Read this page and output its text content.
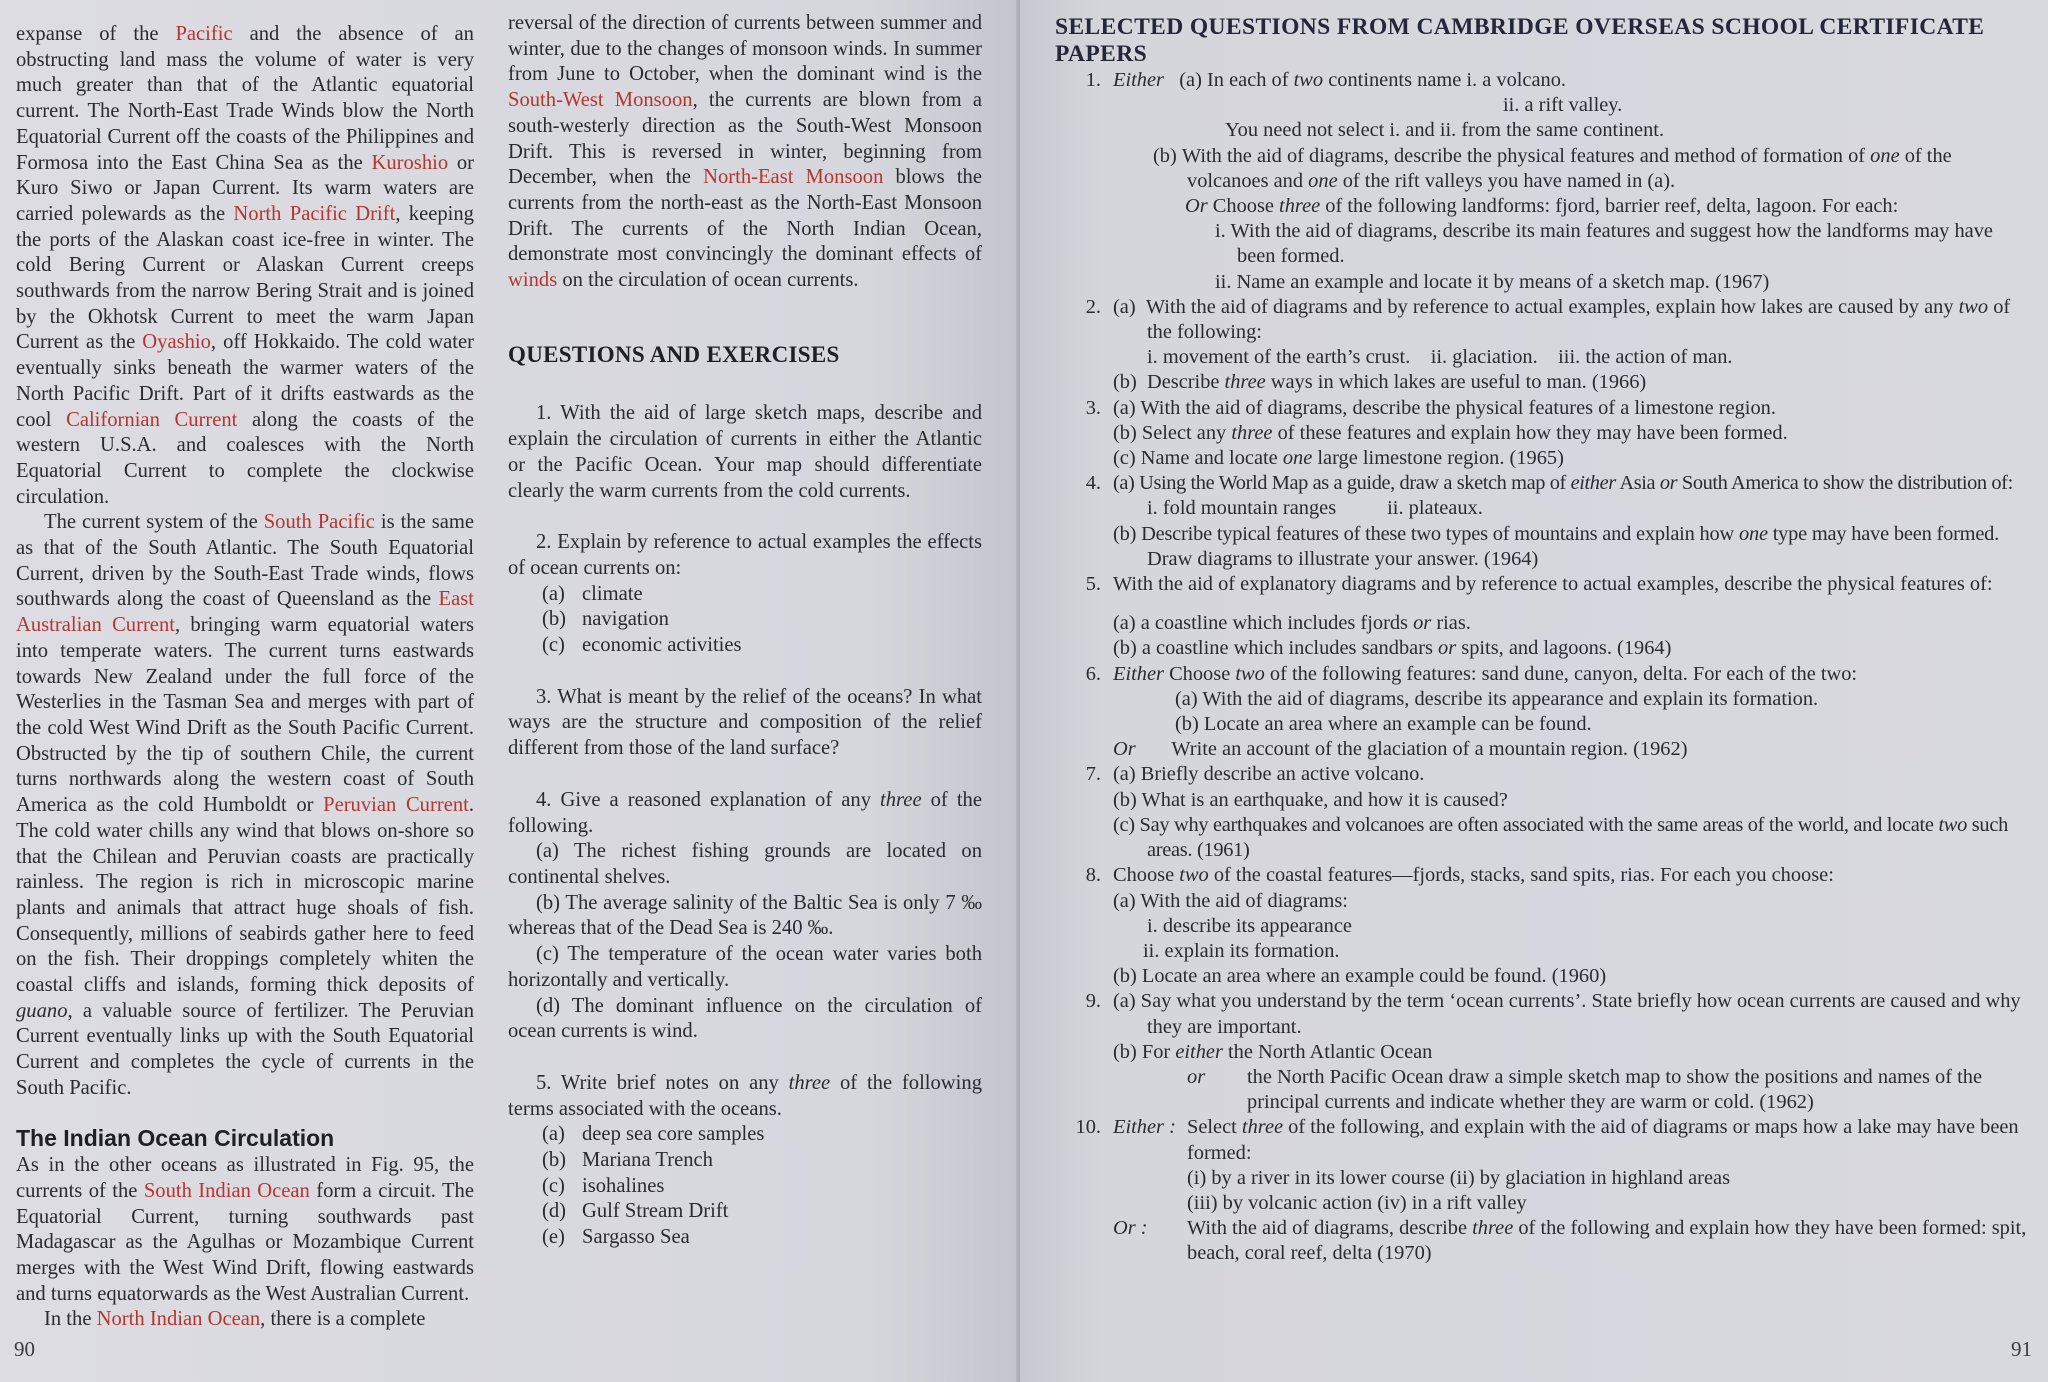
expanse of the Pacific and the absence of an obstructing land mass the volume of water is very much greater than that of the Atlantic equatorial current. The North-East Trade Winds blow the North Equatorial Current off the coasts of the Philippines and Formosa into the East China Sea as the Kuroshio or Kuro Siwo or Japan Current. Its warm waters are carried polewards as the North Pacific Drift, keeping the ports of the Alaskan coast ice-free in winter. The cold Bering Current or Alaskan Current creeps southwards from the narrow Bering Strait and is joined by the Okhotsk Current to meet the warm Japan Current as the Oyashio, off Hokkaido. The cold water eventually sinks beneath the warmer waters of the North Pacific Drift. Part of it drifts eastwards as the cool Californian Current along the coasts of the western U.S.A. and coalesces with the North Equatorial Current to complete the clockwise circulation.

The current system of the South Pacific is the same as that of the South Atlantic. The South Equatorial Current, driven by the South-East Trade winds, flows southwards along the coast of Queensland as the East Australian Current, bringing warm equatorial waters into temperate waters. The current turns eastwards towards New Zealand under the full force of the Westerlies in the Tasman Sea and merges with part of the cold West Wind Drift as the South Pacific Current. Obstructed by the tip of southern Chile, the current turns northwards along the western coast of South America as the cold Humboldt or Peruvian Current. The cold water chills any wind that blows on-shore so that the Chilean and Peruvian coasts are practically rainless. The region is rich in microscopic marine plants and animals that attract huge shoals of fish. Consequently, millions of seabirds gather here to feed on the fish. Their droppings completely whiten the coastal cliffs and islands, forming thick deposits of guano, a valuable source of fertilizer. The Peruvian Current eventually links up with the South Equatorial Current and completes the cycle of currents in the South Pacific.

The Indian Ocean Circulation

As in the other oceans as illustrated in Fig. 95, the currents of the South Indian Ocean form a circuit. The Equatorial Current, turning southwards past Madagascar as the Agulhas or Mozambique Current merges with the West Wind Drift, flowing eastwards and turns equatorwards as the West Australian Current.

In the North Indian Ocean, there is a complete

reversal of the direction of currents between summer and winter, due to the changes of monsoon winds. In summer from June to October, when the dominant wind is the South-West Monsoon, the currents are blown from a south-westerly direction as the South-West Monsoon Drift. This is reversed in winter, beginning from December, when the North-East Monsoon blows the currents from the north-east as the North-East Monsoon Drift. The currents of the North Indian Ocean, demonstrate most convincingly the dominant effects of winds on the circulation of ocean currents.

QUESTIONS AND EXERCISES

1. With the aid of large sketch maps, describe and explain the circulation of currents in either the Atlantic or the Pacific Ocean. Your map should differentiate clearly the warm currents from the cold currents.

2. Explain by reference to actual examples the effects of ocean currents on:

(a) climate
(b) navigation
(c) economic activities

3. What is meant by the relief of the oceans? In what ways are the structure and composition of the relief different from those of the land surface?

4. Give a reasoned explanation of any three of the following.

(a) The richest fishing grounds are located on continental shelves.

(b) The average salinity of the Baltic Sea is only 7 ‰ whereas that of the Dead Sea is 240 ‰.

(c) The temperature of the ocean water varies both horizontally and vertically.

(d) The dominant influence on the circulation of ocean currents is wind.

5. Write brief notes on any three of the following terms associated with the oceans.

(a) deep sea core samples
(b) Mariana Trench
(c) isohalines
(d) Gulf Stream Drift
(e) Sargasso Sea
90	91
SELECTED QUESTIONS FROM CAMBRIDGE OVERSEAS SCHOOL CERTIFICATE PAPERS
1. Either (a) In each of two continents name i. a volcano.
ii. a rift valley.
You need not select i. and ii. from the same continent.
(b) With the aid of diagrams, describe the physical features and method of formation of one of the volcanoes and one of the rift valleys you have named in (a).
Or Choose three of the following landforms: fjord, barrier reef, delta, lagoon. For each:
i. With the aid of diagrams, describe its main features and suggest how the landforms may have been formed.
ii. Name an example and locate it by means of a sketch map. (1967)
2. (a) With the aid of diagrams and by reference to actual examples, explain how lakes are caused by any two of the following:
i. movement of the earth’s crust. ii. glaciation. iii. the action of man.
(b) Describe three ways in which lakes are useful to man. (1966)
3. (a) With the aid of diagrams, describe the physical features of a limestone region.
(b) Select any three of these features and explain how they may have been formed.
(c) Name and locate one large limestone region. (1965)
4. (a) Using the World Map as a guide, draw a sketch map of either Asia or South America to show the distribution of:
i. fold mountain ranges ii. plateaux.
(b) Describe typical features of these two types of mountains and explain how one type may have been formed.
Draw diagrams to illustrate your answer. (1964)
5. With the aid of explanatory diagrams and by reference to actual examples, describe the physical features of:
(a) a coastline which includes fjords or rias.
(b) a coastline which includes sandbars or spits, and lagoons. (1964)
6. Either Choose two of the following features: sand dune, canyon, delta. For each of the two:
(a) With the aid of diagrams, describe its appearance and explain its formation.
(b) Locate an area where an example can be found.
Or Write an account of the glaciation of a mountain region. (1962)
7. (a) Briefly describe an active volcano.
(b) What is an earthquake, and how it is caused?
(c) Say why earthquakes and volcanoes are often associated with the same areas of the world, and locate two such areas. (1961)
8. Choose two of the coastal features—fjords, stacks, sand spits, rias. For each you choose:
(a) With the aid of diagrams:
i. describe its appearance
ii. explain its formation.
(b) Locate an area where an example could be found. (1960)
9. (a) Say what you understand by the term ‘ocean currents’. State briefly how ocean currents are caused and why they are important.
(b) For either the North Atlantic Ocean
or	the North Pacific Ocean draw a simple sketch map to show the positions and names of the principal currents and indicate whether they are warm or cold. (1962)
10. Either : Select three of the following, and explain with the aid of diagrams or maps how a lake may have been formed:
(i) by a river in its lower course (ii) by glaciation in highland areas
(iii) by volcanic action (iv) in a rift valley
Or :	With the aid of diagrams, describe three of the following and explain how they have been formed: spit, beach, coral reef, delta (1970)
